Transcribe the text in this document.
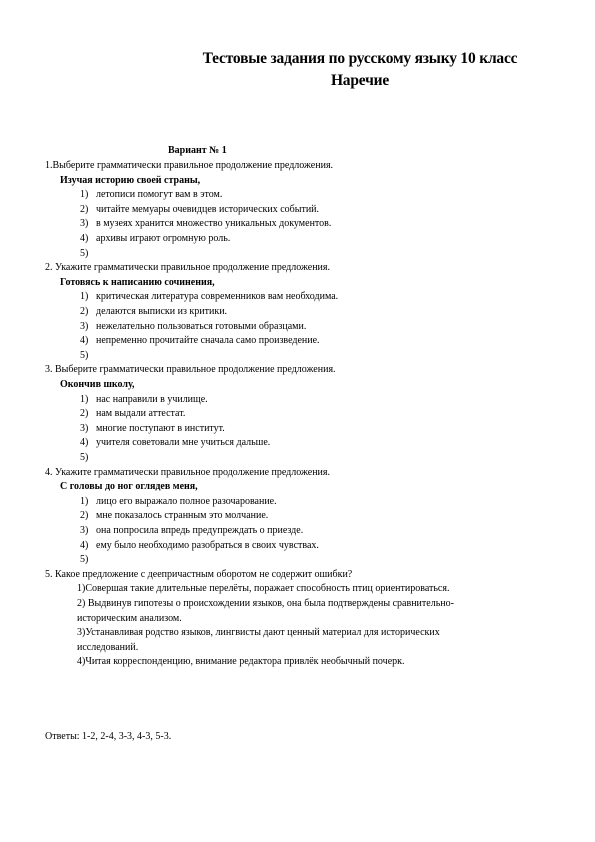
Тестовые задания по русскому языку 10 класс
Наречие
Вариант № 1
1.Выберите грамматически правильное продолжение предложения.
Изучая историю своей страны,
1) летописи помогут вам в этом.
2) читайте мемуары очевидцев исторических событий.
3) в музеях хранится множество уникальных документов.
4) архивы играют огромную роль.
5)
2. Укажите грамматически правильное продолжение предложения.
Готовясь к написанию сочинения,
1) критическая литература современников вам необходима.
2) делаются выписки из критики.
3) нежелательно пользоваться готовыми образцами.
4) непременно прочитайте сначала само произведение.
5)
3. Выберите грамматически правильное продолжение предложения.
Окончив школу,
1) нас направили в училище.
2) нам выдали аттестат.
3) многие поступают в институт.
4) учителя советовали мне учиться дальше.
5)
4. Укажите грамматически правильное продолжение предложения.
С головы до ног оглядев меня,
1) лицо его выражало полное разочарование.
2) мне показалось странным это молчание.
3) она попросила впредь предупреждать о приезде.
4) ему было необходимо разобраться в своих чувствах.
5)
5. Какое предложение с деепричастным оборотом не содержит ошибки?
1)Совершая такие длительные перелёты, поражает способность птиц ориентироваться.
2) Выдвинув гипотезы о происхождении языков, она была подтверждены сравнительно-
историческим анализом.
3)Устанавливая родство языков, лингвисты дают ценный материал для исторических
исследований.
4)Читая корреспонденцию, внимание редактора привлёк необычный почерк.
Ответы: 1-2, 2-4, 3-3, 4-3, 5-3.
